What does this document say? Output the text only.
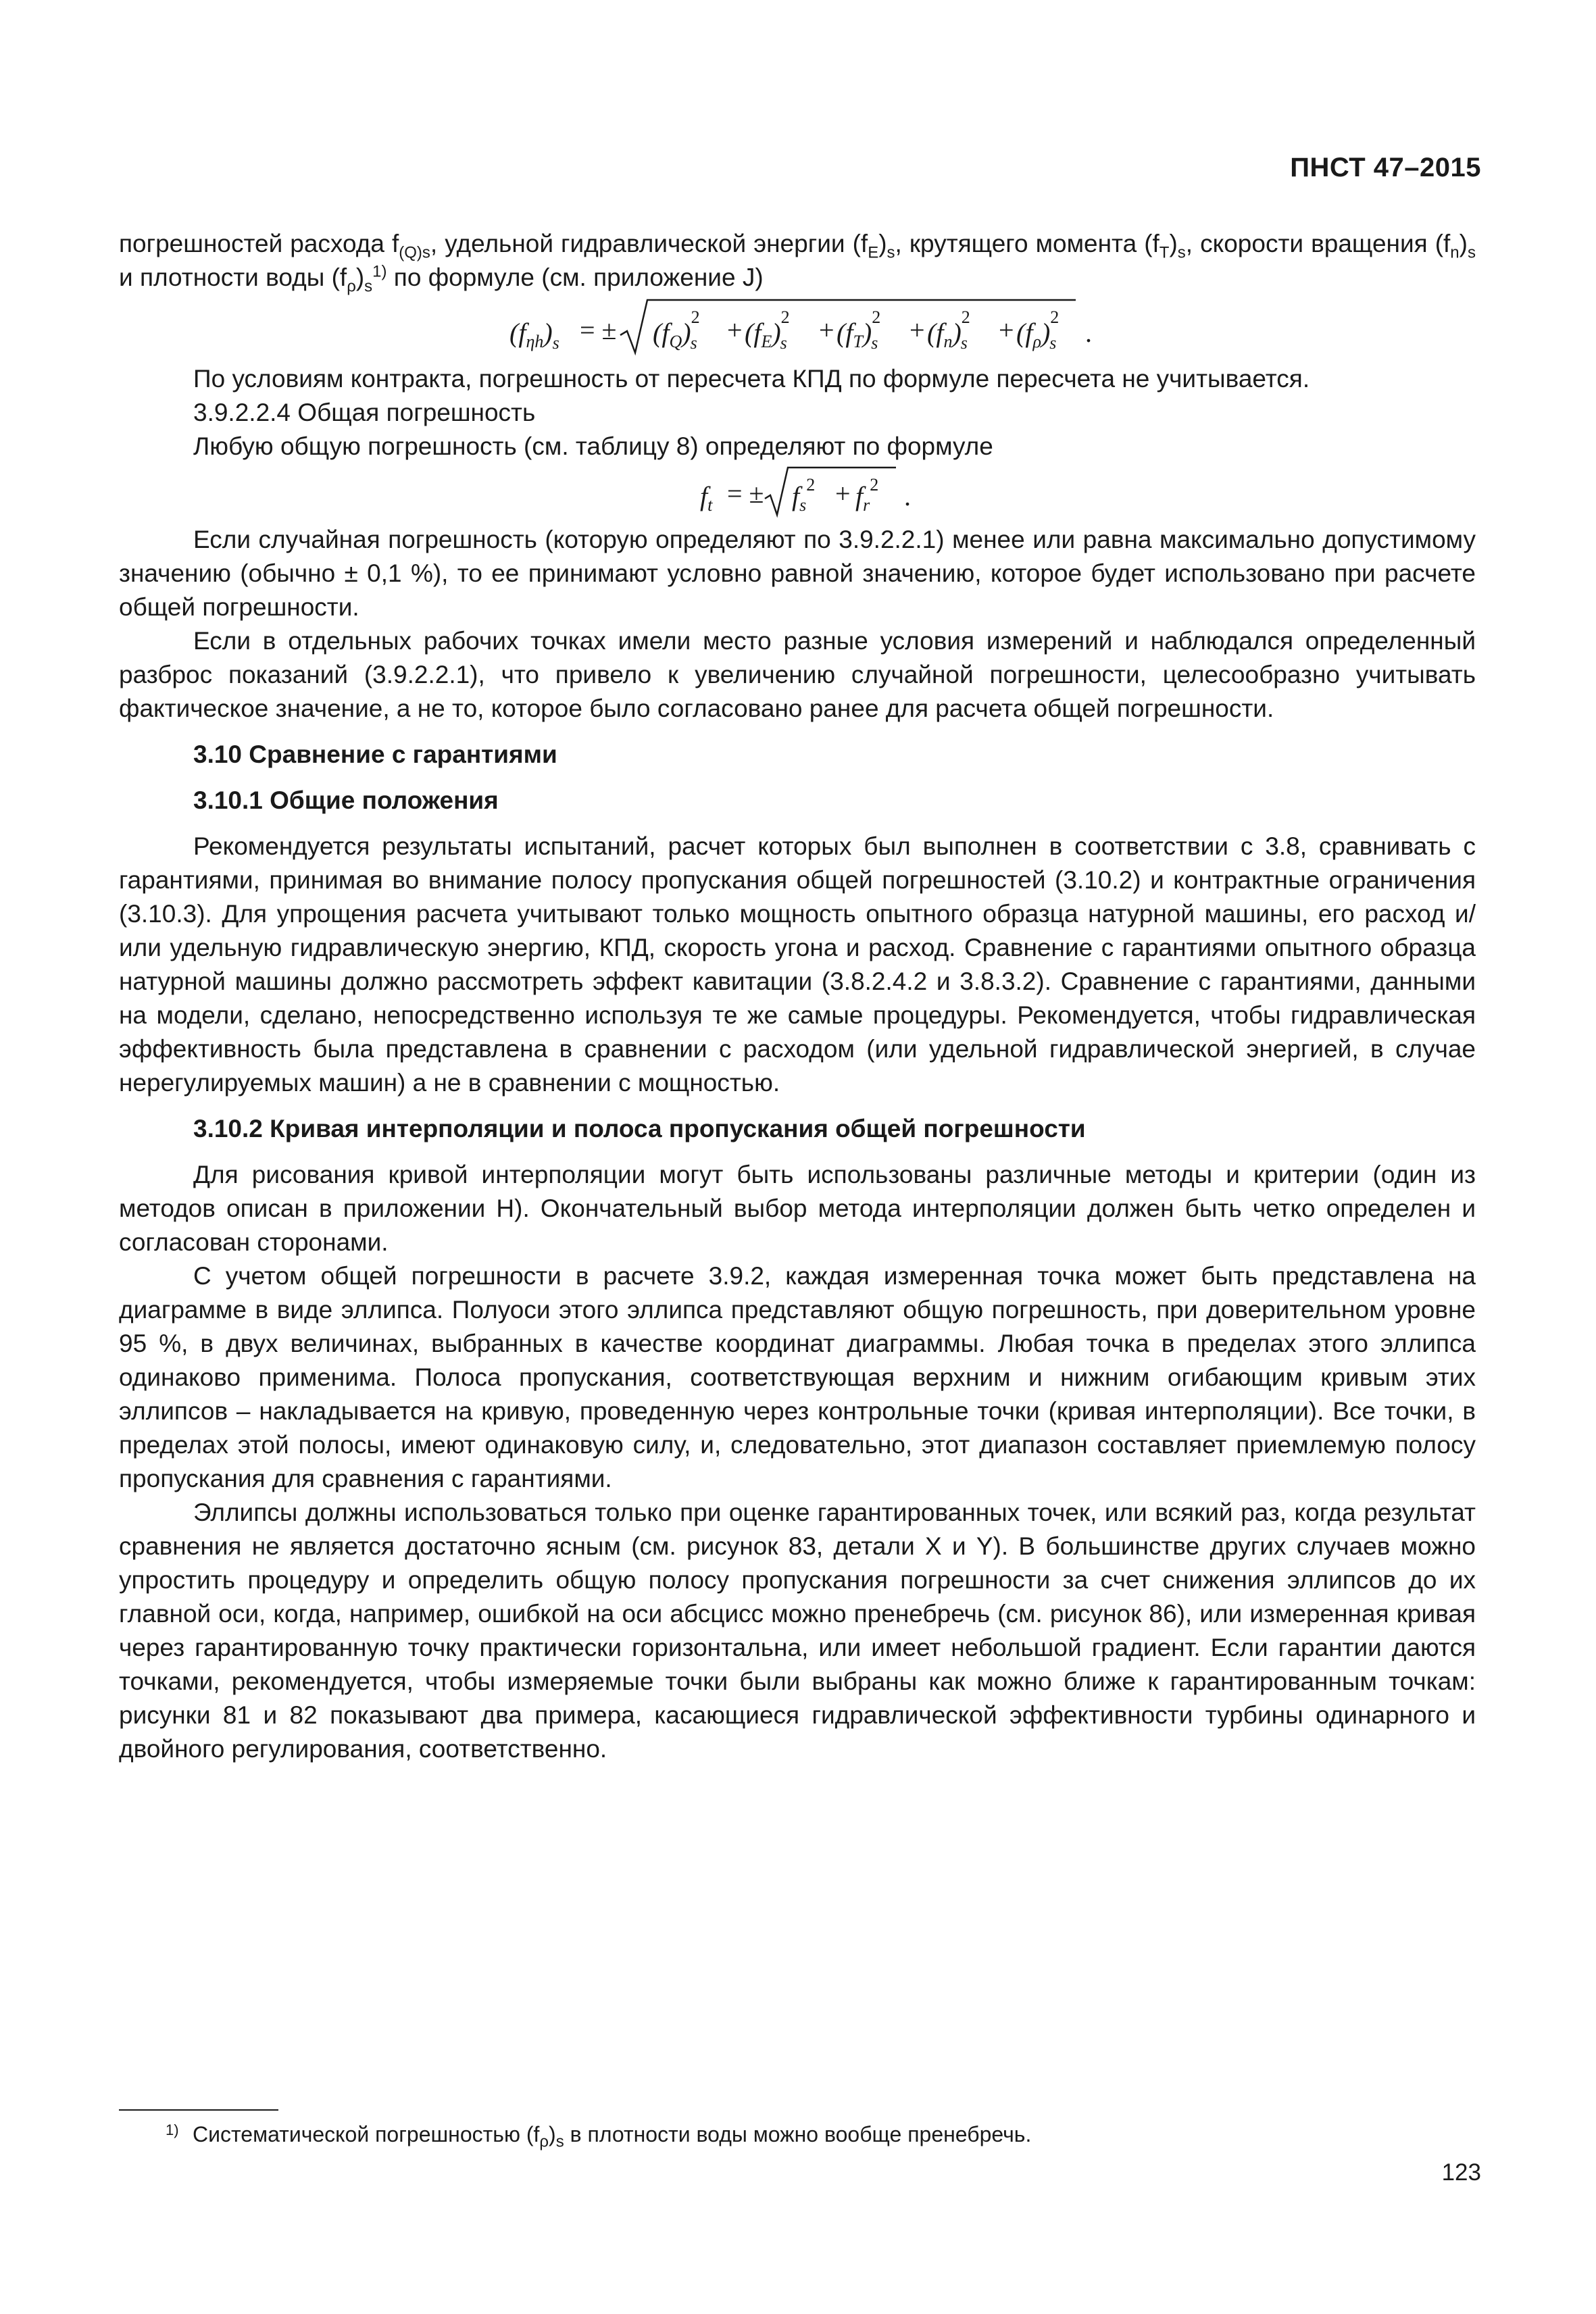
ПНСТ 47–2015

погрешностей расхода $f_{(Q)s}$, удельной гидравлической энергии $(f_E)_s$, крутящего момента $(f_T)_s$, скорости вращения $(f_n)_s$ и плотности воды $(f_\rho)_s^{1)}$ по формуле (см. приложение J)

$(f_{\eta h})_s$ = ± $(f_Q)^2$ $s + (f_E)^2$ $s + (f_T)^2$ $s + (f_n)^2$ $s + (f_\rho)^2$ s .

По условиям контракта, погрешность от пересчета КПД по формуле пересчета не учитывается.

3.9.2.2.4 Общая погрешность

Любую общую погрешность (см. таблицу 8) определяют по формуле

$f_t$ = ± $f_s^2 + f_r^2$ .

Если случайная погрешность (которую определяют по 3.9.2.2.1) менее или равна максимально допустимому значению (обычно ± 0,1 %), то ее принимают условно равной значению, которое будет использовано при расчете общей погрешности.

Если в отдельных рабочих точках имели место разные условия измерений и наблюдался определенный разброс показаний (3.9.2.2.1), что привело к увеличению случайной погрешности, целесообразно учитывать фактическое значение, а не то, которое было согласовано ранее для расчета общей погрешности.

3.10 Сравнение с гарантиями
3.10.1 Общие положения

Рекомендуется результаты испытаний, расчет которых был выполнен в соответствии с 3.8, сравнивать с гарантиями, принимая во внимание полосу пропускания общей погрешностей (3.10.2) и контрактные ограничения (3.10.3). Для упрощения расчета учитывают только мощность опытного образца натурной машины, его расход и/или удельную гидравлическую энергию, КПД, скорость угона и расход. Сравнение с гарантиями опытного образца натурной машины должно рассмотреть эффект кавитации (3.8.2.4.2 и 3.8.3.2). Сравнение с гарантиями, данными на модели, сделано, непосредственно используя те же самые процедуры. Рекомендуется, чтобы гидравлическая эффективность была представлена в сравнении с расходом (или удельной гидравлической энергией, в случае нерегулируемых машин) а не в сравнении с мощностью.

3.10.2 Кривая интерполяции и полоса пропускания общей погрешности

Для рисования кривой интерполяции могут быть использованы различные методы и критерии (один из методов описан в приложении H). Окончательный выбор метода интерполяции должен быть четко определен и согласован сторонами.

С учетом общей погрешности в расчете 3.9.2, каждая измеренная точка может быть представлена на диаграмме в виде эллипса. Полуоси этого эллипса представляют общую погрешность, при доверительном уровне 95 %, в двух величинах, выбранных в качестве координат диаграммы. Любая точка в пределах этого эллипса одинаково применима. Полоса пропускания, соответствующая верхним и нижним огибающим кривым этих эллипсов – накладывается на кривую, проведенную через контрольные точки (кривая интерполяции). Все точки, в пределах этой полосы, имеют одинаковую силу, и, следовательно, этот диапазон составляет приемлемую полосу пропускания для сравнения с гарантиями.

Эллипсы должны использоваться только при оценке гарантированных точек, или всякий раз, когда результат сравнения не является достаточно ясным (см. рисунок 83, детали X и Y). В большинстве других случаев можно упростить процедуру и определить общую полосу пропускания погрешности за счет снижения эллипсов до их главной оси, когда, например, ошибкой на оси абсцисс можно пренебречь (см. рисунок 86), или измеренная кривая через гарантированную точку практически горизонтальна, или имеет небольшой градиент. Если гарантии даются точками, рекомендуется, чтобы измеряемые точки были выбраны как можно ближе к гарантированным точкам: рисунки 81 и 82 показывают два примера, касающиеся гидравлической эффективности турбины одинарного и двойного регулирования, соответственно.

1) Систематической погрешностью $(f_\rho)_s$ в плотности воды можно вообще пренебречь.
123
